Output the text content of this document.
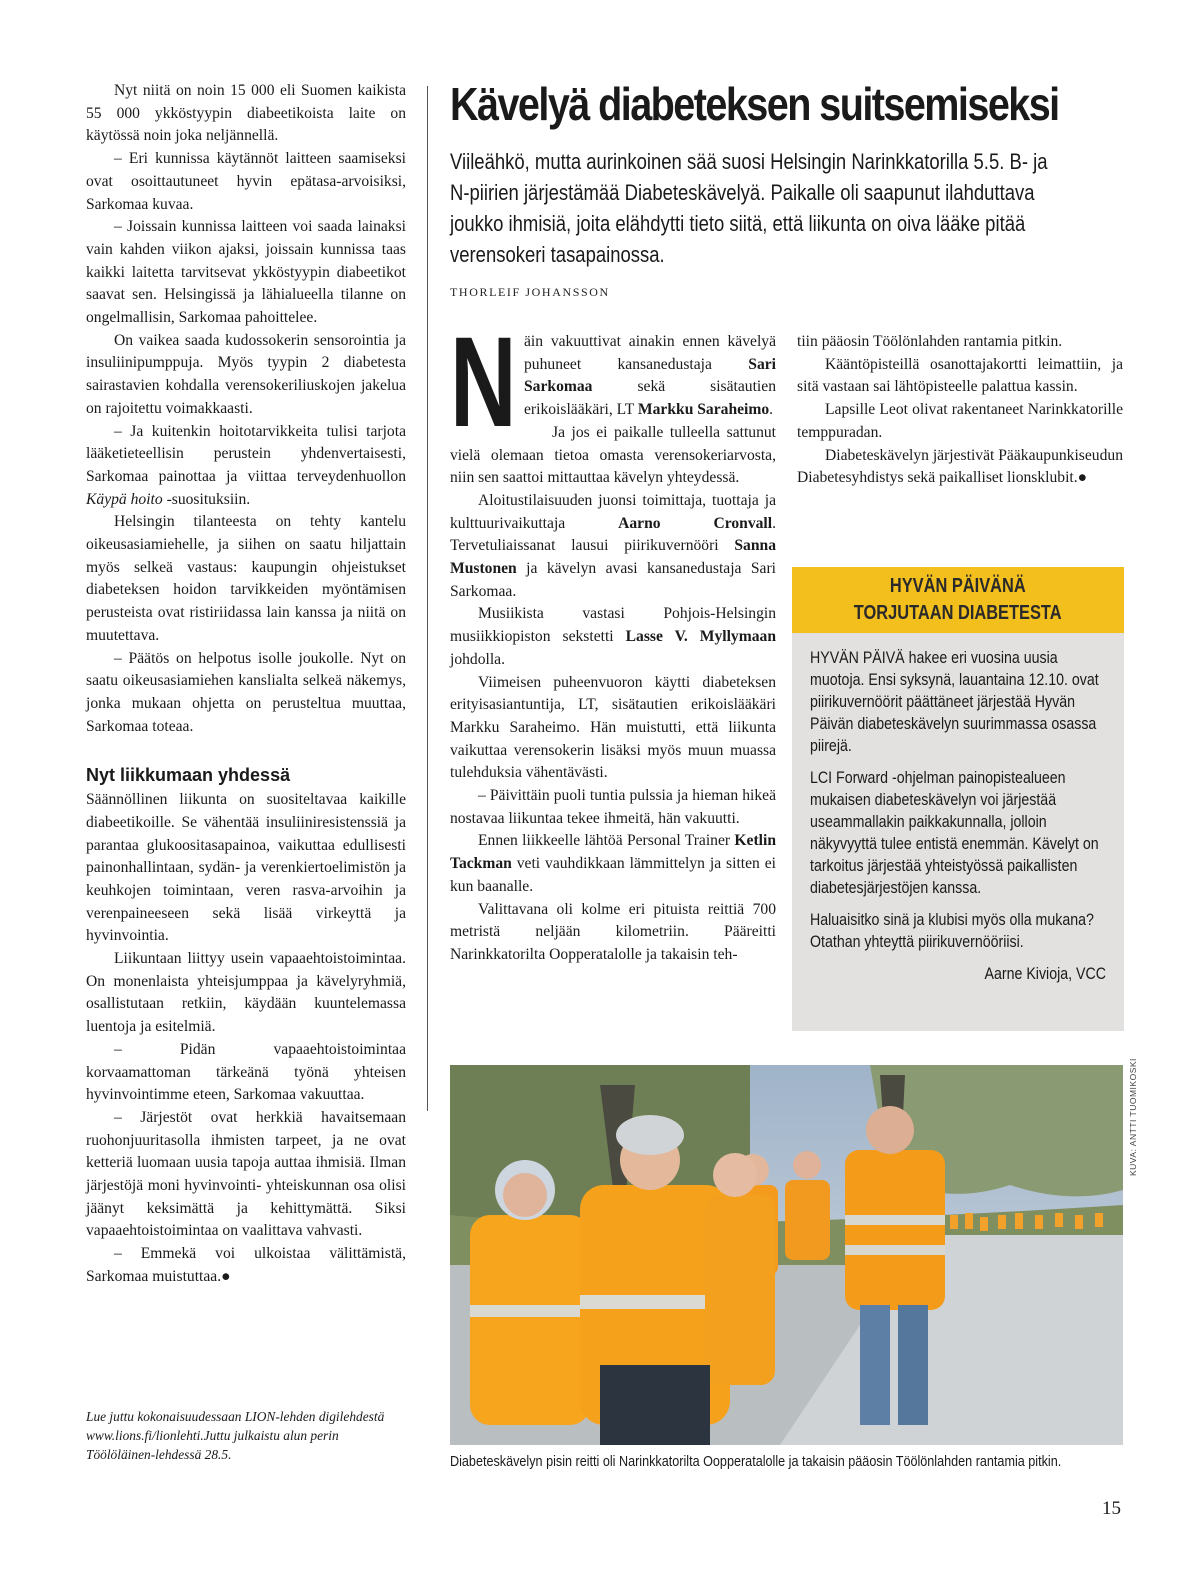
Nyt niitä on noin 15 000 eli Suomen kaikista 55 000 ykköstyypin diabeetikoista laite on käytössä noin joka neljännellä.

– Eri kunnissa käytännöt laitteen saamiseksi ovat osoittautuneet hyvin epätasa-arvoisiksi, Sarkomaa kuvaa.

– Joissain kunnissa laitteen voi saada lainaksi vain kahden viikon ajaksi, joissain kunnissa taas kaikki laitetta tarvitsevat ykköstyypin diabeetikot saavat sen. Helsingissä ja lähialueella tilanne on ongelmallisin, Sarkomaa pahoittelee.

On vaikea saada kudossokerin sensorointia ja insuliinipumppuja. Myös tyypin 2 diabetesta sairastavien kohdalla verensokeriliuskojen jakelua on rajoitettu voimakkaasti.

– Ja kuitenkin hoitotarvikkeita tulisi tarjota lääketieteellisin perustein yhdenvertaisesti, Sarkomaa painottaa ja viittaa terveydenhuollon Käypä hoito -suosituksiin.

Helsingin tilanteesta on tehty kantelu oikeusasiamiehelle, ja siihen on saatu hiljattain myös selkeä vastaus: kaupungin ohjeistukset diabeteksen hoidon tarvikkeiden myöntämisen perusteista ovat ristiriidassa lain kanssa ja niitä on muutettava.

– Päätös on helpotus isolle joukolle. Nyt on saatu oikeusasiamiehen kanslialta selkeä näkemys, jonka mukaan ohjetta on perusteltua muuttaa, Sarkomaa toteaa.

Nyt liikkumaan yhdessä

Säännöllinen liikunta on suositeltavaa kaikille diabeetikoille. Se vähentää insuliiniresistenssiä ja parantaa glukoositasapainoa, vaikuttaa edullisesti painonhallintaan, sydän- ja verenkiertoelimistön ja keuhkojen toimintaan, veren rasva-arvoihin ja verenpaineeseen sekä lisää virkeyttä ja hyvinvointia.

Liikuntaan liittyy usein vapaaehtoistoimintaa. On monenlaista yhteisjumppaa ja kävelyryhmiä, osallistutaan retkiin, käydään kuuntelemassa luentoja ja esitelmiä.

– Pidän vapaaehtoistoimintaa korvaamattoman tärkeänä työnä yhteisen hyvinvointimme eteen, Sarkomaa vakuuttaa.

– Järjestöt ovat herkkiä havaitsemaan ruohonjuuritasolla ihmisten tarpeet, ja ne ovat ketteriä luomaan uusia tapoja auttaa ihmisiä. Ilman järjestöjä moni hyvinvointi- yhteiskunnan osa olisi jäänyt keksimättä ja kehittymättä. Siksi vapaaehtoistoimintaa on vaalittava vahvasti.

– Emmekä voi ulkoistaa välittämistä, Sarkomaa muistuttaa.●

Lue juttu kokonaisuudessaan LION-lehden digilehdestä www.lions.fi/lionlehti.Juttu julkaistu alun perin Töölöläinen-lehdessä 28.5.
Kävelyä diabeteksen suitsemiseksi

Viileähkö, mutta aurinkoinen sää suosi Helsingin Narinkkatorilla 5.5. B- ja N-piirien järjestämää Diabeteskävelyä. Paikalle oli saapunut ilahduttava joukko ihmisiä, joita elähdytti tieto siitä, että liikunta on oiva lääke pitää verensokeri tasapainossa.

THORLEIF JOHANSSON
N äin vakuuttivat ainakin ennen kävelyä puhuneet kansanedustaja Sari Sarkomaa sekä sisätautien erikoislääkäri, LT Markku Saraheimo.

Ja jos ei paikalle tulleella sattunut vielä olemaan tietoa omasta verensokeriarvosta, niin sen saattoi mittauttaa kävelyn yhteydessä.

Aloitustilaisuuden juonsi toimittaja, tuottaja ja kulttuurivaikuttaja Aarno Cronvall. Tervetuliaissanat lausui piirikuvernööri Sanna Mustonen ja kävelyn avasi kansanedustaja Sari Sarkomaa.

Musiikista vastasi Pohjois-Helsingin musiikkiopiston sekstetti Lasse V. Myllymaan johdolla.

Viimeisen puheenvuoron käytti diabeteksen erityisasiantuntija, LT, sisätautien erikoislääkäri Markku Saraheimo. Hän muistutti, että liikunta vaikuttaa verensokerin lisäksi myös muun muassa tulehduksia vähentävästi.

– Päivittäin puoli tuntia pulssia ja hieman hikeä nostavaa liikuntaa tekee ihmeitä, hän vakuutti.

Ennen liikkeelle lähtöä Personal Trainer Ketlin Tackman veti vauhdikkaan lämmittelyn ja sitten ei kun baanalle.

Valittavana oli kolme eri pituista reittiä 700 metristä neljään kilometriin. Pääreitti Narinkkatorilta Oopperatalolle ja takaisin teh-

tiin pääosin Töölönlahden rantamia pitkin.

Kääntöpisteillä osanottajakortti leimattiin, ja sitä vastaan sai lähtöpisteelle palattua kassin.

Lapsille Leot olivat rakentaneet Narinkkatorille temppuradan.

Diabeteskävelyn järjestivät Pääkaupunkiseudun Diabetesyhdistys sekä paikalliset lionsklubit.●

HYVÄN PÄIVÄNÄ
TORJUTAAN DIABETESTA

HYVÄN PÄIVÄ hakee eri vuosina uusia muotoja. Ensi syksynä, lauantaina 12.10. ovat piirikuvernöörit päättäneet järjestää Hyvän Päivän diabeteskävelyn suurimmassa osassa piirejä.

LCI Forward -ohjelman painopistealueen mukaisen diabeteskävelyn voi järjestää useammallakin paikkakunnalla, jolloin näkyvyyttä tulee entistä enemmän. Kävelyt on tarkoitus järjestää yhteistyössä paikallisten diabetesjärjestöjen kanssa.

Haluaisitko sinä ja klubisi myös olla mukana? Otathan yhteyttä piirikuvernööriisi.

Aarne Kivioja, VCC
KUVA: ANTTI TUOMIKOSKI
Diabeteskävelyn pisin reitti oli Narinkkatorilta Oopperatalolle ja takaisin pääosin Töölönlahden rantamia pitkin.
15
